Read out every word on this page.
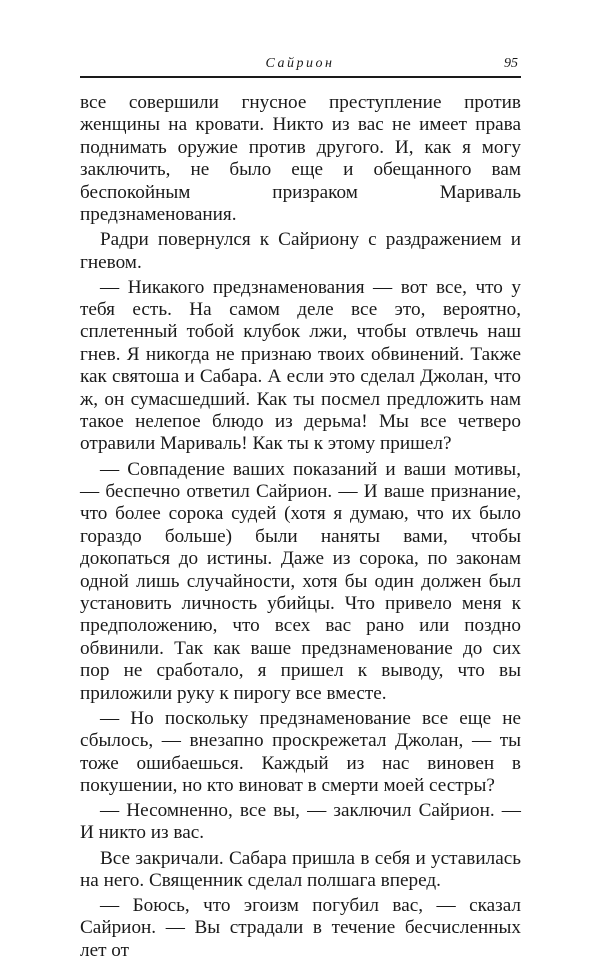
Сайрион	95

все совершили гнусное преступление против женщины на кровати. Никто из вас не имеет права поднимать оружие против другого. И, как я могу заключить, не было еще и обещанного вам беспокойным призраком Мариваль предзнаменования.

Радри повернулся к Сайриону с раздражением и гневом.

— Никакого предзнаменования — вот все, что у тебя есть. На самом деле все это, вероятно, сплетенный тобой клубок лжи, чтобы отвлечь наш гнев. Я никогда не признаю твоих обвинений. Также как святоша и Сабара. А если это сделал Джолан, что ж, он сумасшедший. Как ты посмел предложить нам такое нелепое блюдо из дерьма! Мы все четверо отравили Мариваль! Как ты к этому пришел?

— Совпадение ваших показаний и ваши мотивы, — беспечно ответил Сайрион. — И ваше признание, что более сорока судей (хотя я думаю, что их было гораздо больше) были наняты вами, чтобы докопаться до истины. Даже из сорока, по законам одной лишь случайности, хотя бы один должен был установить личность убийцы. Что привело меня к предположению, что всех вас рано или поздно обвинили. Так как ваше предзнаменование до сих пор не сработало, я пришел к выводу, что вы приложили руку к пирогу все вместе.

— Но поскольку предзнаменование все еще не сбылось, — внезапно проскрежетал Джолан, — ты тоже ошибаешься. Каждый из нас виновен в покушении, но кто виноват в смерти моей сестры?

— Несомненно, все вы, — заключил Сайрион. — И никто из вас.

Все закричали. Сабара пришла в себя и уставилась на него. Священник сделал полшага вперед.

— Боюсь, что эгоизм погубил вас, — сказал Сайрион. — Вы страдали в течение бесчисленных лет от
